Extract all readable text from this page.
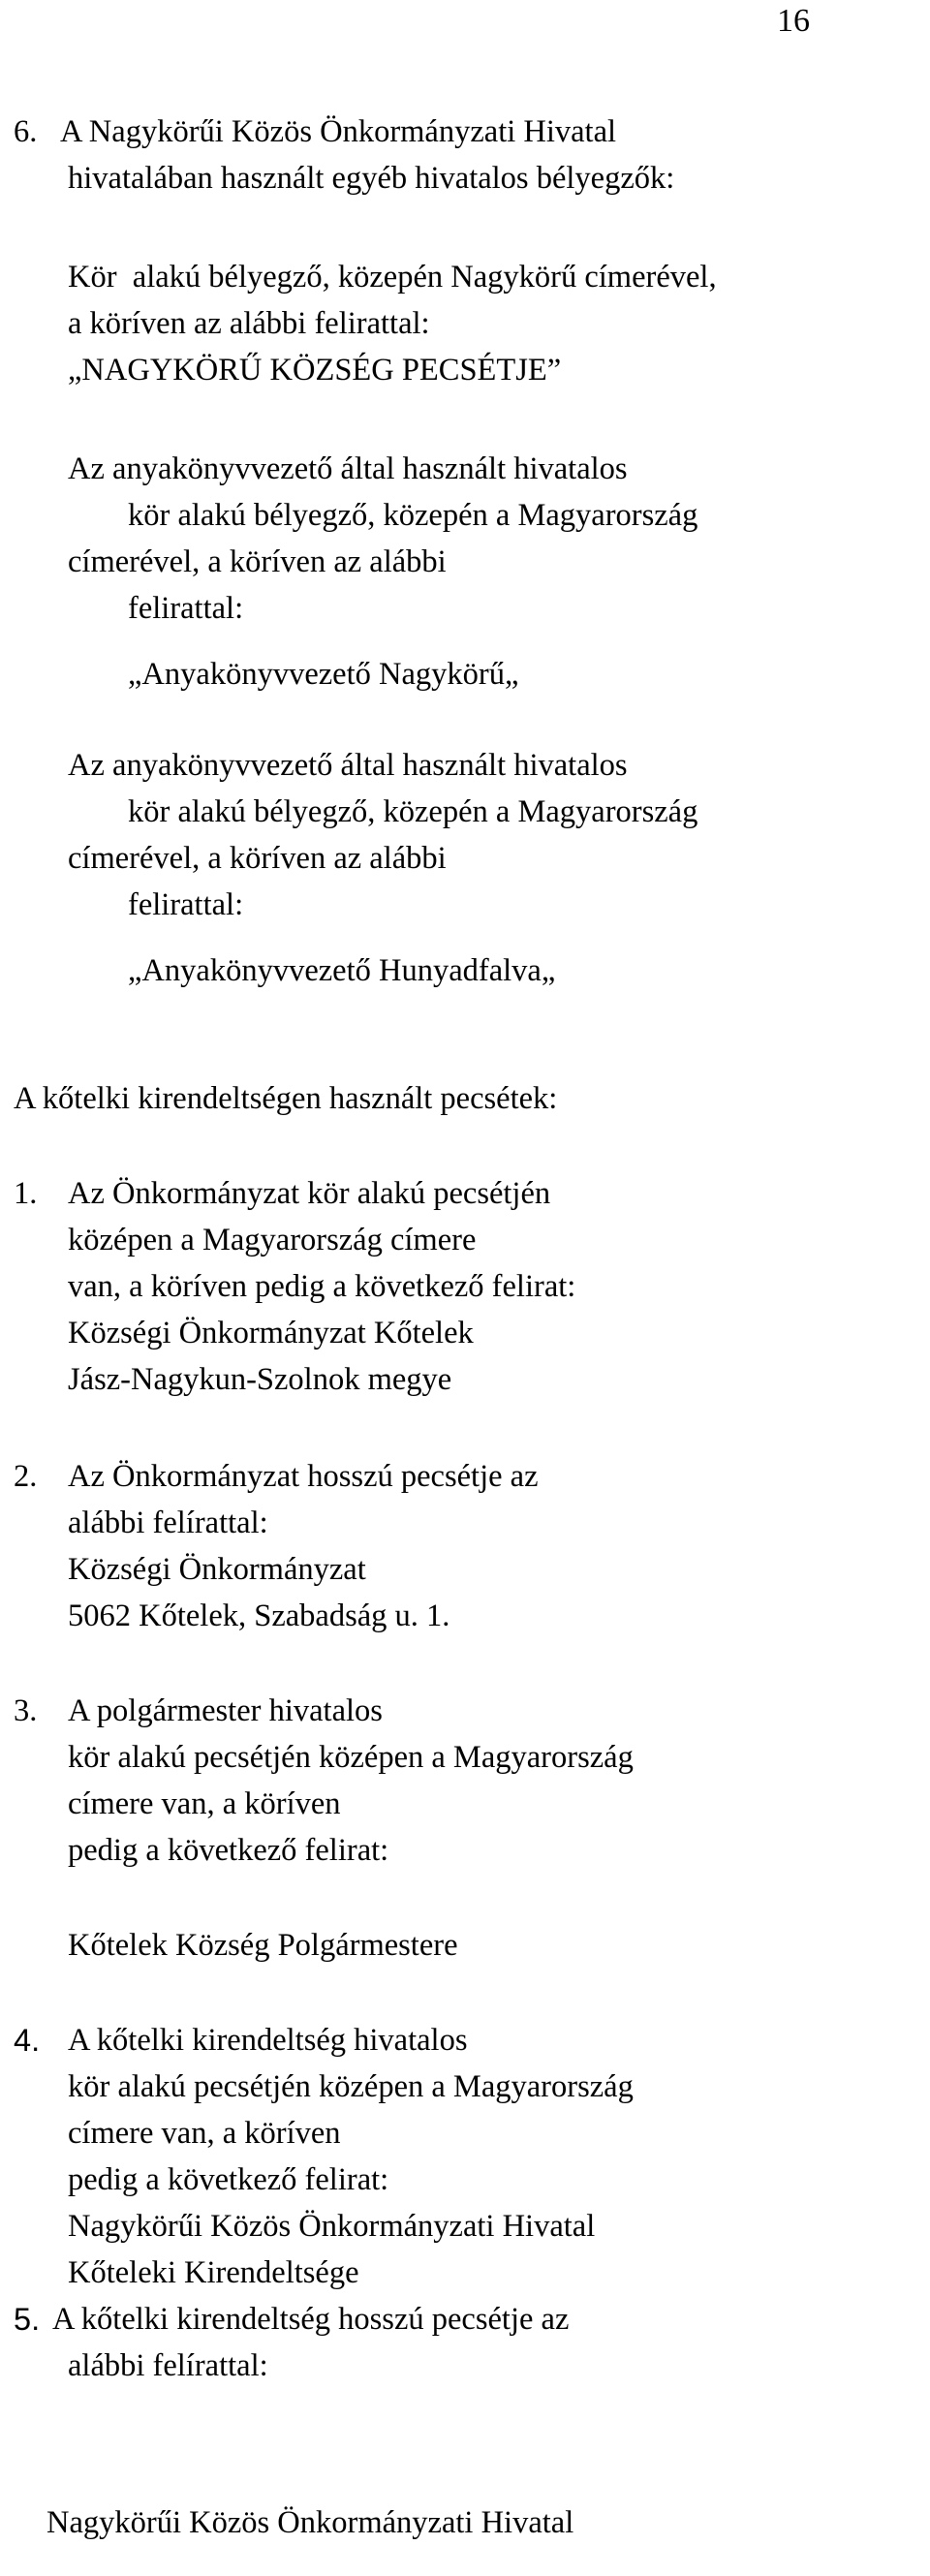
16
6. A Nagykörűi Közös Önkormányzati Hivatal
hivatalában használt egyéb hivatalos bélyegzők:
Kör  alakú bélyegző, közepén Nagykörű címerével,
a köríven az alábbi felirattal:
„NAGYKÖRŰ KÖZSÉG PECSÉTJE”
Az anyakönyvvezető által használt hivatalos
kör alakú bélyegző, közepén a Magyarország
címerével, a köríven az alábbi
felirattal:
„Anyakönyvvezető Nagykörű„
Az anyakönyvvezető által használt hivatalos
kör alakú bélyegző, közepén a Magyarország
címerével, a köríven az alábbi
felirattal:
„Anyakönyvvezető Hunyadfalva„
A kőtelki kirendeltségen használt pecsétek:
1. Az Önkormányzat kör alakú pecsétjén
középen a Magyarország címere
van, a köríven pedig a következő felirat:
Községi Önkormányzat Kőtelek
Jász-Nagykun-Szolnok megye
2. Az Önkormányzat hosszú pecsétje az
alábbi felírattal:
Községi Önkormányzat
5062 Kőtelek, Szabadság u. 1.
3. A polgármester hivatalos
kör alakú pecsétjén középen a Magyarország
címere van, a köríven
pedig a következő felirat:
Kőtelek Község Polgármestere
4. A kőtelki kirendeltség hivatalos
kör alakú pecsétjén középen a Magyarország
címere van, a köríven
pedig a következő felirat:
Nagykörűi Közös Önkormányzati Hivatal
Kőteleki Kirendeltsége
5. A kőtelki kirendeltség hosszú pecsétje az
alábbi felírattal:
Nagykörűi Közös Önkormányzati Hivatal
